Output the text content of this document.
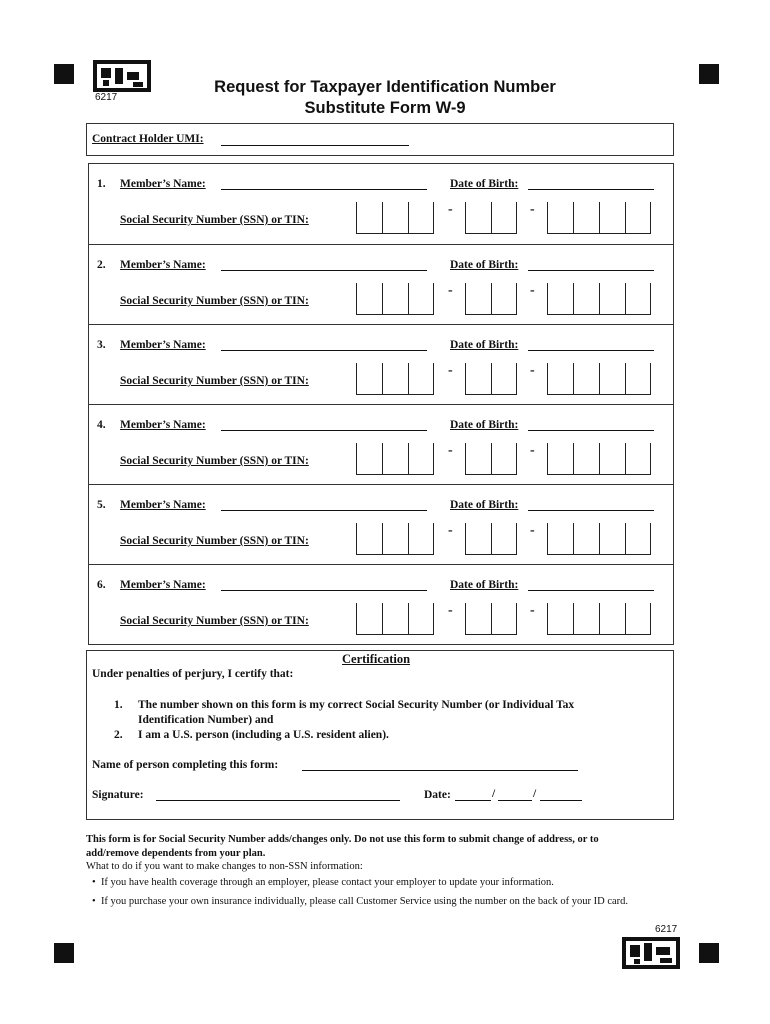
6217
Request for Taxpayer Identification Number
Substitute Form W-9
Contract Holder UMI:
1. Member’s Name:	Date of Birth:
Social Security Number (SSN) or TIN:
-	-
2. Member’s Name:	Date of Birth:
Social Security Number (SSN) or TIN:
-	-
3. Member’s Name:	Date of Birth:
Social Security Number (SSN) or TIN:
-	-
4. Member’s Name:	Date of Birth:
Social Security Number (SSN) or TIN:
-	-
5. Member’s Name:	Date of Birth:
Social Security Number (SSN) or TIN:
-	-
6. Member’s Name:	Date of Birth:
Social Security Number (SSN) or TIN:
-	-
Certification
Under penalties of perjury, I certify that:
1. The number shown on this form is my correct Social Security Number (or Individual Tax
Identification Number) and
2.	I am a U.S. person (including a U.S. resident alien).
Name of person completing this form:
Signature:	Date:	/	/
This form is for Social Security Number adds/changes only. Do not use this form to submit change of address, or to
add/remove dependents from your plan.
What to do if you want to make changes to non-SSN information:
• If you have health coverage through an employer, please contact your employer to update your information.
• If you purchase your own insurance individually, please call Customer Service using the number on the back of your ID card.
6217
